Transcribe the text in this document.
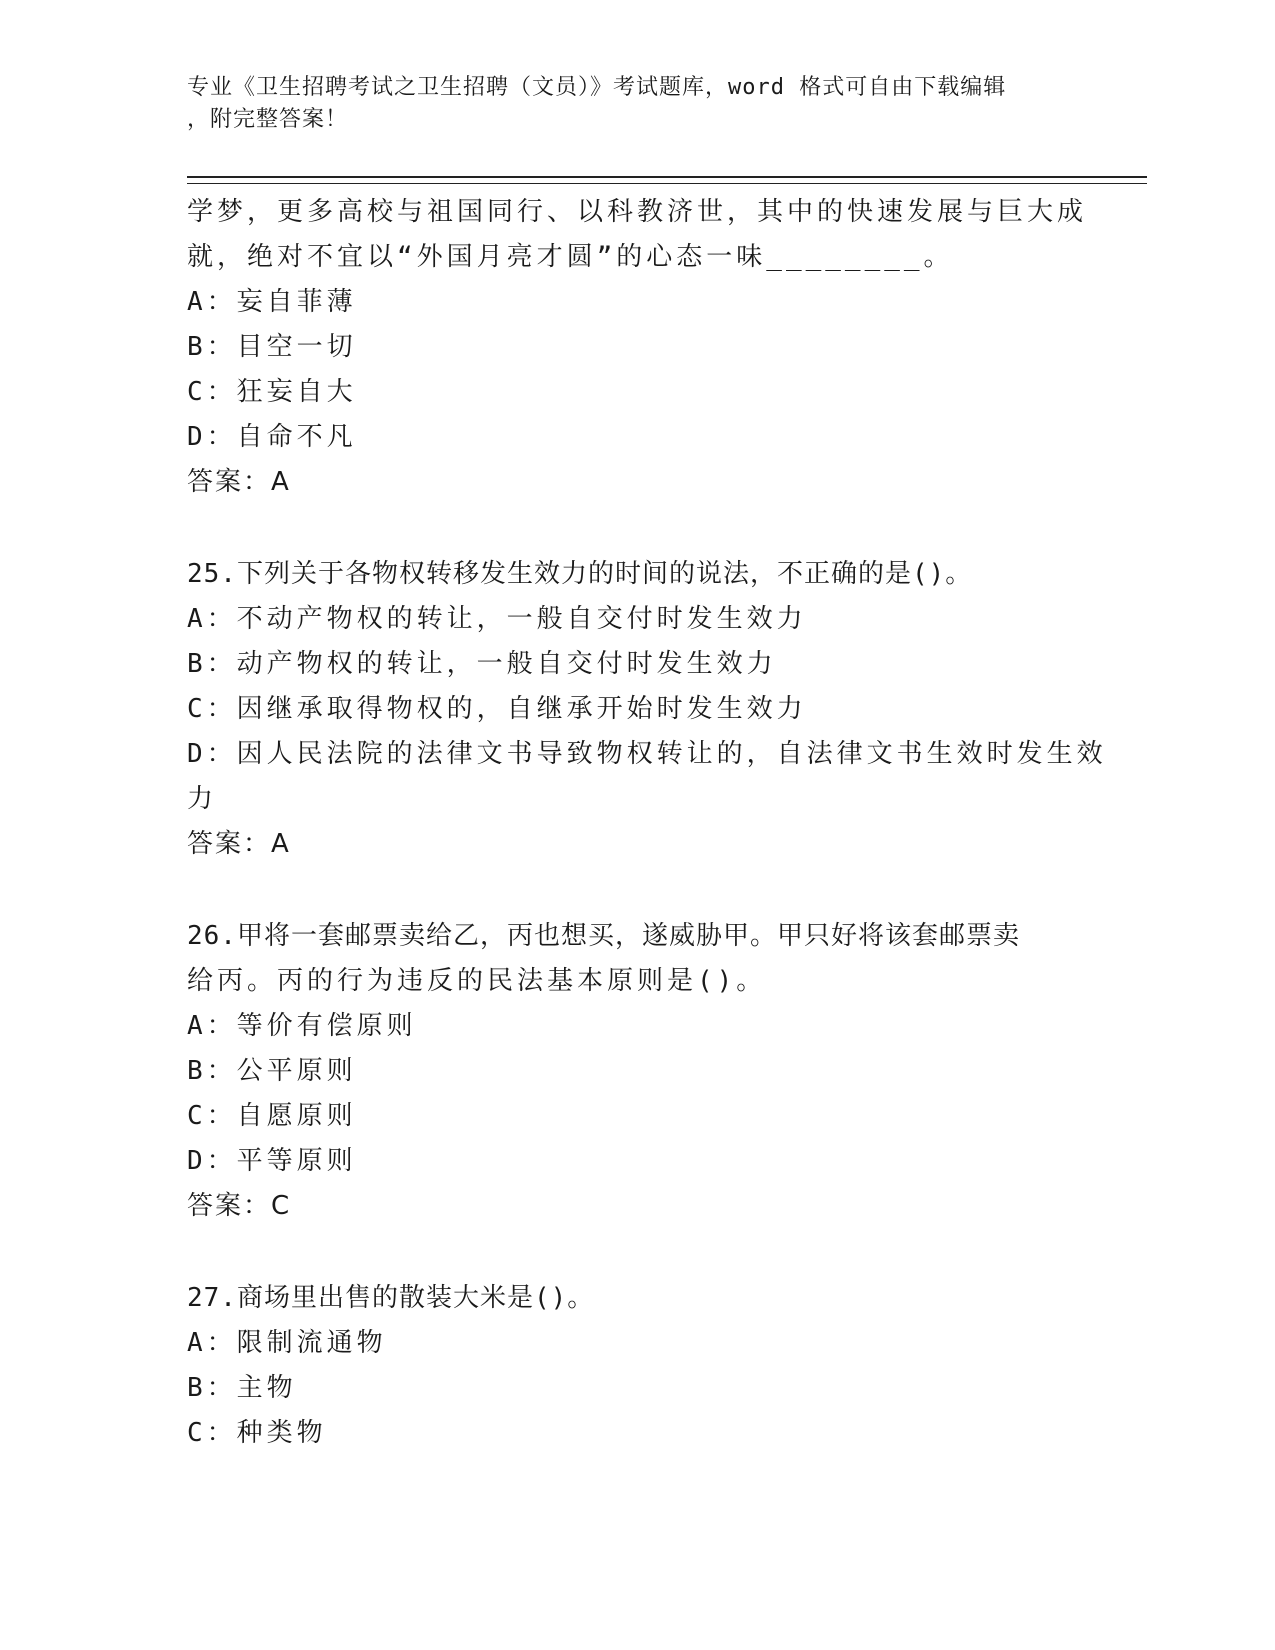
专业《卫生招聘考试之卫生招聘（文员）》考试题库，word 格式可自由下载编辑
，附完整答案！
学梦，更多高校与祖国同行、以科教济世，其中的快速发展与巨大成
就，绝对不宜以“外国月亮才圆”的心态一味________。
A：妄自菲薄
B：目空一切
C：狂妄自大
D：自命不凡
答案：A
25.下列关于各物权转移发生效力的时间的说法，不正确的是()。
A：不动产物权的转让，一般自交付时发生效力
B：动产物权的转让，一般自交付时发生效力
C：因继承取得物权的，自继承开始时发生效力
D：因人民法院的法律文书导致物权转让的，自法律文书生效时发生效
力
答案：A
26.甲将一套邮票卖给乙，丙也想买，遂威胁甲。甲只好将该套邮票卖
给丙。丙的行为违反的民法基本原则是()。
A：等价有偿原则
B：公平原则
C：自愿原则
D：平等原则
答案：C
27.商场里出售的散装大米是()。
A：限制流通物
B：主物
C：种类物
